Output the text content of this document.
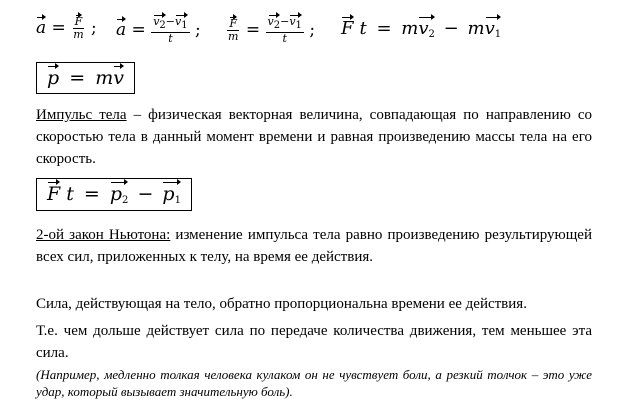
$a = \frac{F}{m}$ ; $a = \frac{v2-v1}{t}$ ; $\frac{F}{m} = \frac{v2-v1}{t}$ ; F $t = mv_2 - mv_1$
p = mv
Импульс тела – физическая векторная величина, совпадающая по направлению со скоростью тела в данный момент времени и равная произведению массы тела на его скорость.
F $t = p_2 - p_1$
2-ой закон Ньютона: изменение импульса тела равно произведению результирующей всех сил, приложенных к телу, на время ее действия.
Сила, действующая на тело, обратно пропорциональна времени ее действия.
Т.е. чем дольше действует сила по передаче количества движения, тем меньшее эта сила.
(Например, медленно толкая человека кулаком он не чувствует боли, а резкий толчок – это уже удар, который вызывает значительную боль).
